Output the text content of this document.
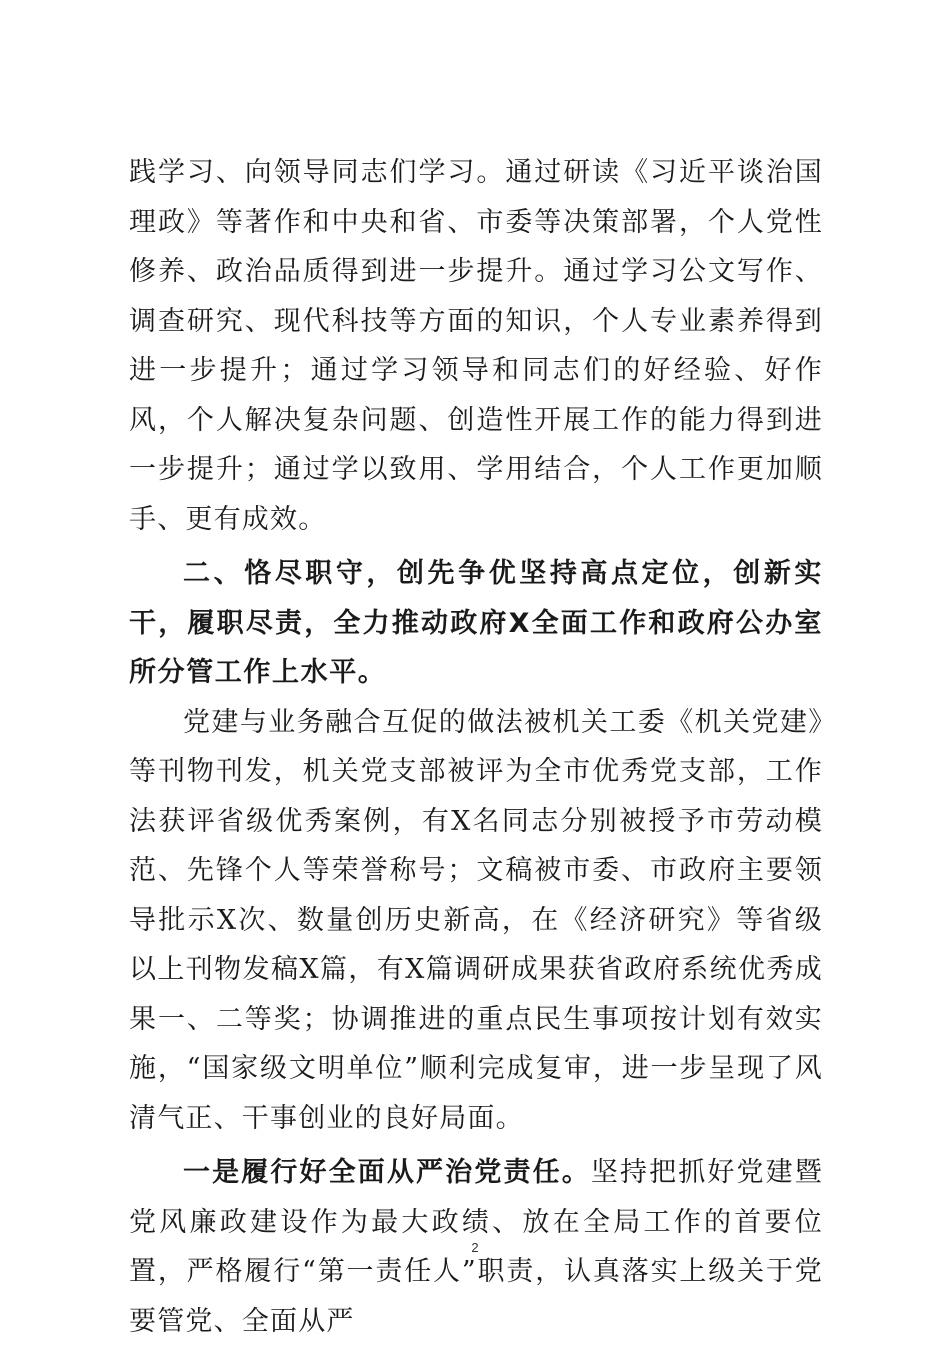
践学习、向领导同志们学习。通过研读《习近平谈治国理政》等著作和中央和省、市委等决策部署，个人党性修养、政治品质得到进一步提升。通过学习公文写作、调查研究、现代科技等方面的知识，个人专业素养得到进一步提升；通过学习领导和同志们的好经验、好作风，个人解决复杂问题、创造性开展工作的能力得到进一步提升；通过学以致用、学用结合，个人工作更加顺手、更有成效。

二、恪尽职守，创先争优坚持高点定位，创新实干，履职尽责，全力推动政府X全面工作和政府公办室所分管工作上水平。

党建与业务融合互促的做法被机关工委《机关党建》等刊物刊发，机关党支部被评为全市优秀党支部，工作法获评省级优秀案例，有X名同志分别被授予市劳动模范、先锋个人等荣誉称号；文稿被市委、市政府主要领导批示X次、数量创历史新高，在《经济研究》等省级以上刊物发稿X篇，有X篇调研成果获省政府系统优秀成果一、二等奖；协调推进的重点民生事项按计划有效实施，“国家级文明单位”顺利完成复审，进一步呈现了风清气正、干事创业的良好局面。

一是履行好全面从严治党责任。坚持把抓好党建暨党风廉政建设作为最大政绩、放在全局工作的首要位置，严格履行“第一责任人”职责，认真落实上级关于党要管党、全面从严

2
